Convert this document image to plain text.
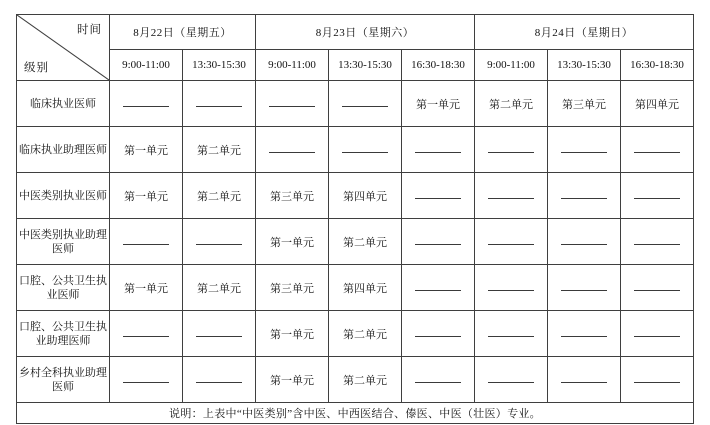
时间
级别	8月22日（星期五）		8月23日（星期六）			8月24日（星期日）		
	9:00-11:00	13:30-15:30	9:00-11:00	13:30-15:30	16:30-18:30	9:00-11:00	13:30-15:30	16:30-18:30
临床执业医师					第一单元	第二单元	第三单元	第四单元
临床执业助理医师	第一单元	第二单元						
中医类别执业医师	第一单元	第二单元	第三单元	第四单元				
中医类别执业助理医师			第一单元	第二单元				
口腔、公共卫生执业医师	第一单元	第二单元	第三单元	第四单元				
口腔、公共卫生执业助理医师			第一单元	第二单元				
乡村全科执业助理医师			第一单元	第二单元				
说明：上表中“中医类别”含中医、中西医结合、傣医、中医（壮医）专业。								
